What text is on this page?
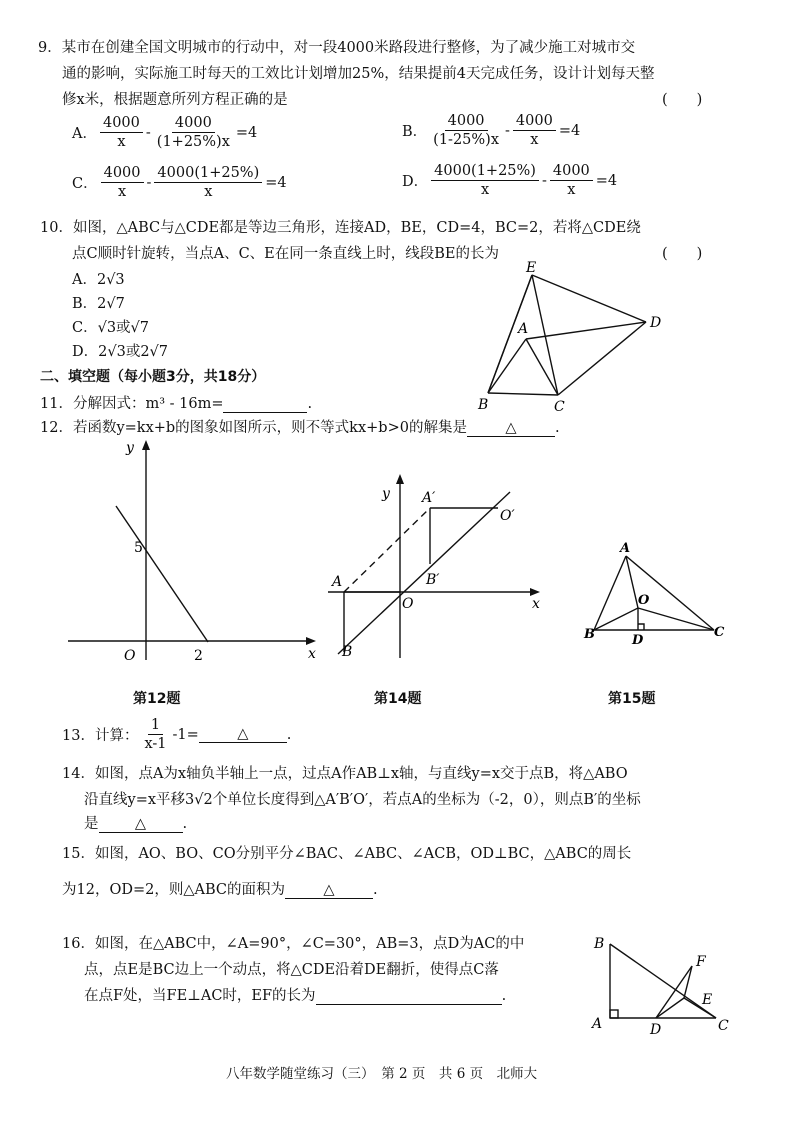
9．某市在创建全国文明城市的行动中，对一段4000米路段进行整修，为了减少施工对城市交
通的影响，实际施工时每天的工效比计划增加25%，结果提前4天完成任务，设计计划每天整
修x米，根据题意所列方程正确的是	(　　)
A． $\frac{4000}{x} - \frac{4000}{(1+25\%)x} =4$	B． $\frac{4000}{(1-25\%)x} - \frac{4000}{x} =4$
C． $\frac{4000}{x} - \frac{4000(1+25\%)}{x} =4$	D． $\frac{4000(1+25\%)}{x} - \frac{4000}{x} =4$
10．如图，△ABC与△CDE都是等边三角形，连接AD，BE，CD=4，BC=2，若将△CDE绕
点C顺时针旋转，当点A、C、E在同一条直线上时，线段BE的长为	(　　)
A．2√3
B．2√7
C．√3或√7
D．2√3或2√7
E
A	D
B	C
二、填空题（每小题3分，共18分）
11．分解因式：m³ - 16m=	.
12．若函数y=kx+b的图象如图所示，则不等式kx+b>0的解集是	△	.
y
x
O
5
2
第12题
y
x
O
A
B
A′
B′
O′
第14题
A
B	C
O
D
第15题
13．计算： $\frac{1}{x-1} -1=$	△	.
14．如图，点A为x轴负半轴上一点，过点A作AB⊥x轴，与直线y=x交于点B，将△ABO
沿直线y=x平移3√2个单位长度得到△A′B′O′，若点A的坐标为（-2，0），则点B′的坐标
是	△	.
15．如图，AO、BO、CO分别平分∠BAC、∠ABC、∠ACB，OD⊥BC，△ABC的周长
为12，OD=2，则△ABC的面积为	△	.
16．如图，在△ABC中，∠A=90°，∠C=30°，AB=3，点D为AC的中
点，点E是BC边上一个动点，将△CDE沿着DE翻折，使得点C落
在点F处，当FE⊥AC时，EF的长为	.
B
A	D	C
F
E
八年数学随堂练习（三）　第 2 页　共 6 页　北师大
